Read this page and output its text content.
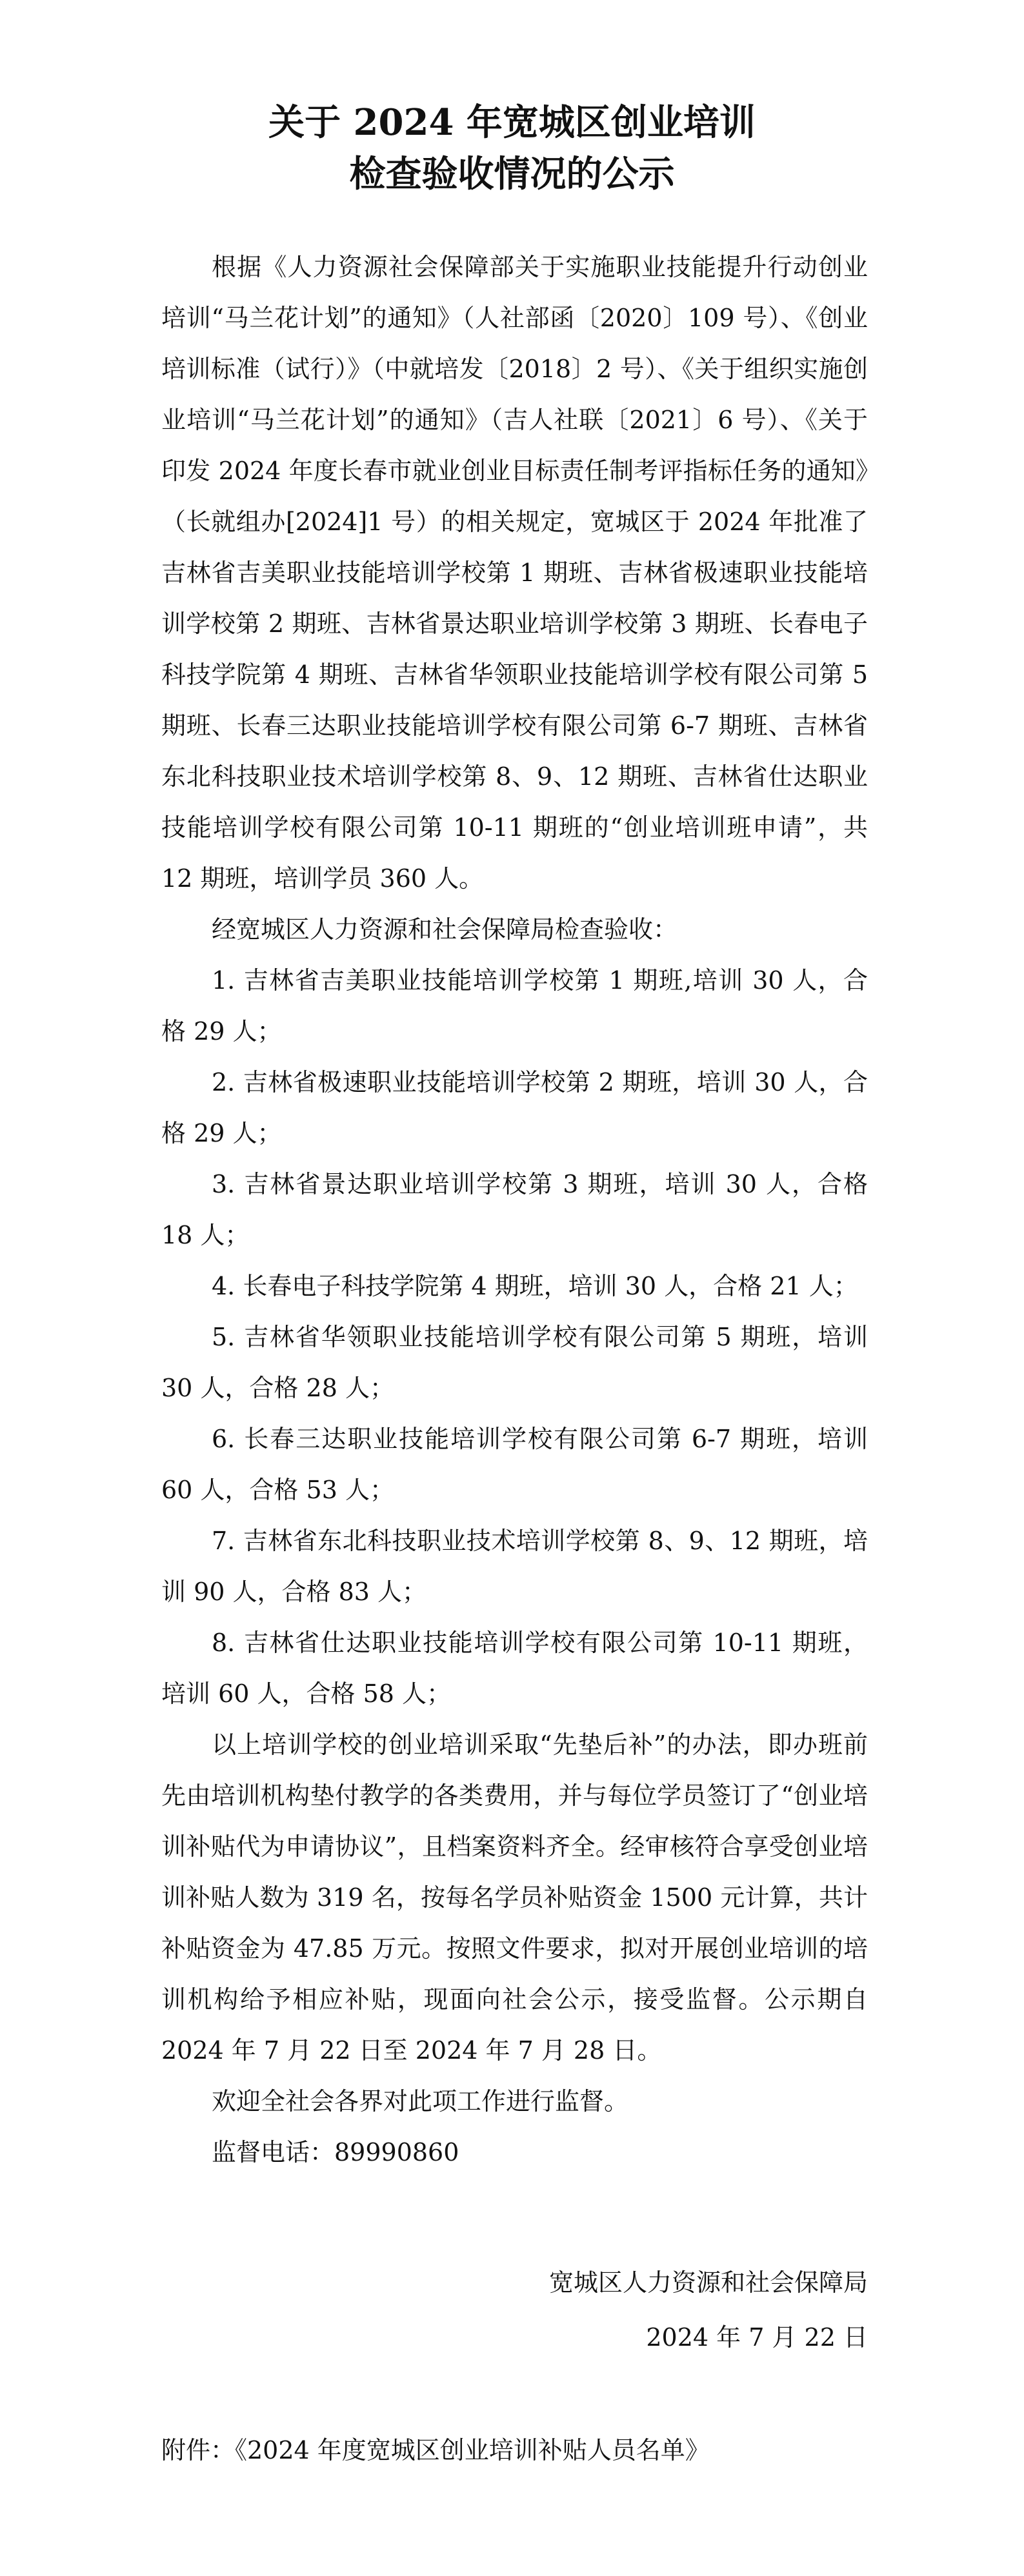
关于 2024 年宽城区创业培训
检查验收情况的公示

根据《人力资源社会保障部关于实施职业技能提升行动创业培训“马兰花计划”的通知》（人社部函〔2020〕109 号）、《创业培训标准（试行）》（中就培发〔2018〕2 号）、《关于组织实施创业培训“马兰花计划”的通知》（吉人社联〔2021〕6 号）、《关于印发 2024 年度长春市就业创业目标责任制考评指标任务的通知》（长就组办[2024]1 号）的相关规定，宽城区于 2024 年批准了吉林省吉美职业技能培训学校第 1 期班、吉林省极速职业技能培训学校第 2 期班、吉林省景达职业培训学校第 3 期班、长春电子科技学院第 4 期班、吉林省华领职业技能培训学校有限公司第 5 期班、长春三达职业技能培训学校有限公司第 6-7 期班、吉林省东北科技职业技术培训学校第 8、9、12 期班、吉林省仕达职业技能培训学校有限公司第 10-11 期班的“创业培训班申请”，共 12 期班，培训学员 360 人。

经宽城区人力资源和社会保障局检查验收：

1. 吉林省吉美职业技能培训学校第 1 期班,培训 30 人，合格 29 人；

2. 吉林省极速职业技能培训学校第 2 期班，培训 30 人，合格 29 人；

3. 吉林省景达职业培训学校第 3 期班，培训 30 人，合格 18 人；

4. 长春电子科技学院第 4 期班，培训 30 人，合格 21 人；

5. 吉林省华领职业技能培训学校有限公司第 5 期班，培训 30 人，合格 28 人；

6. 长春三达职业技能培训学校有限公司第 6-7 期班，培训 60 人，合格 53 人；

7. 吉林省东北科技职业技术培训学校第 8、9、12 期班，培训 90 人，合格 83 人；

8. 吉林省仕达职业技能培训学校有限公司第 10-11 期班，培训 60 人，合格 58 人；

以上培训学校的创业培训采取“先垫后补”的办法，即办班前先由培训机构垫付教学的各类费用，并与每位学员签订了“创业培训补贴代为申请协议”，且档案资料齐全。经审核符合享受创业培训补贴人数为 319 名，按每名学员补贴资金 1500 元计算，共计补贴资金为 47.85 万元。按照文件要求，拟对开展创业培训的培训机构给予相应补贴，现面向社会公示，接受监督。公示期自 2024 年 7 月 22 日至 2024 年 7 月 28 日。

欢迎全社会各界对此项工作进行监督。

监督电话：89990860

宽城区人力资源和社会保障局
2024 年 7 月 22 日
附件：《2024 年度宽城区创业培训补贴人员名单》
